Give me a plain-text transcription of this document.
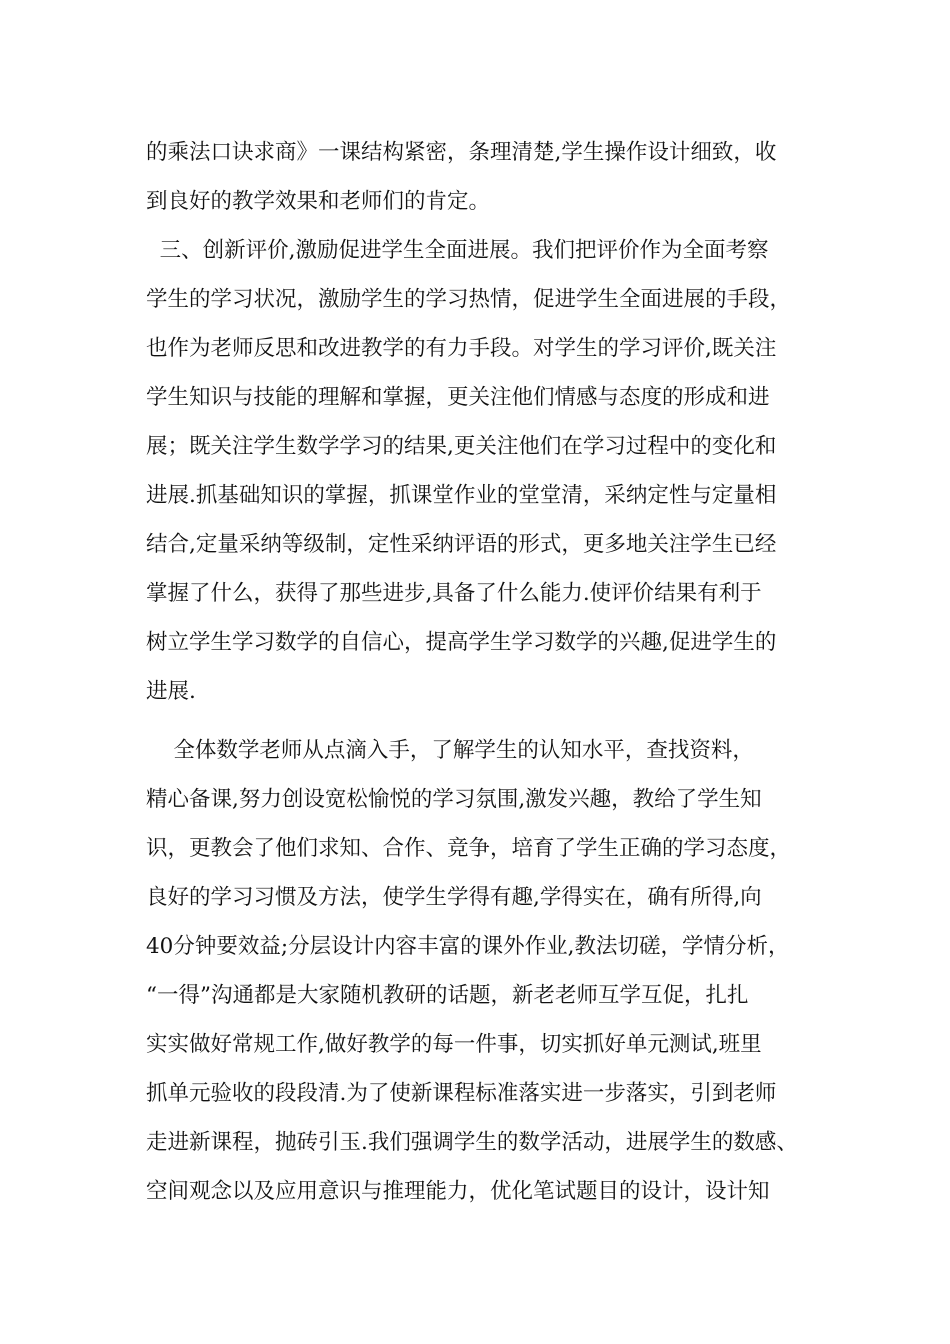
的乘法口诀求商》一课结构紧密，条理清楚,学生操作设计细致，收
到良好的教学效果和老师们的肯定。
三、创新评价,激励促进学生全面进展。我们把评价作为全面考察
学生的学习状况，激励学生的学习热情，促进学生全面进展的手段，
也作为老师反思和改进教学的有力手段。对学生的学习评价,既关注
学生知识与技能的理解和掌握，更关注他们情感与态度的形成和进
展；既关注学生数学学习的结果,更关注他们在学习过程中的变化和
进展.抓基础知识的掌握，抓课堂作业的堂堂清，采纳定性与定量相
结合,定量采纳等级制，定性采纳评语的形式，更多地关注学生已经
掌握了什么，获得了那些进步,具备了什么能力.使评价结果有利于
树立学生学习数学的自信心，提高学生学习数学的兴趣,促进学生的
进展.
全体数学老师从点滴入手，了解学生的认知水平，查找资料，
精心备课,努力创设宽松愉悦的学习氛围,激发兴趣，教给了学生知
识，更教会了他们求知、合作、竞争，培育了学生正确的学习态度，
良好的学习习惯及方法，使学生学得有趣,学得实在，确有所得,向
40分钟要效益;分层设计内容丰富的课外作业,教法切磋，学情分析，
“一得”沟通都是大家随机教研的话题，新老老师互学互促，扎扎
实实做好常规工作,做好教学的每一件事，切实抓好单元测试,班里
抓单元验收的段段清.为了使新课程标准落实进一步落实，引到老师
走进新课程，抛砖引玉.我们强调学生的数学活动，进展学生的数感、
空间观念以及应用意识与推理能力，优化笔试题目的设计，设计知
